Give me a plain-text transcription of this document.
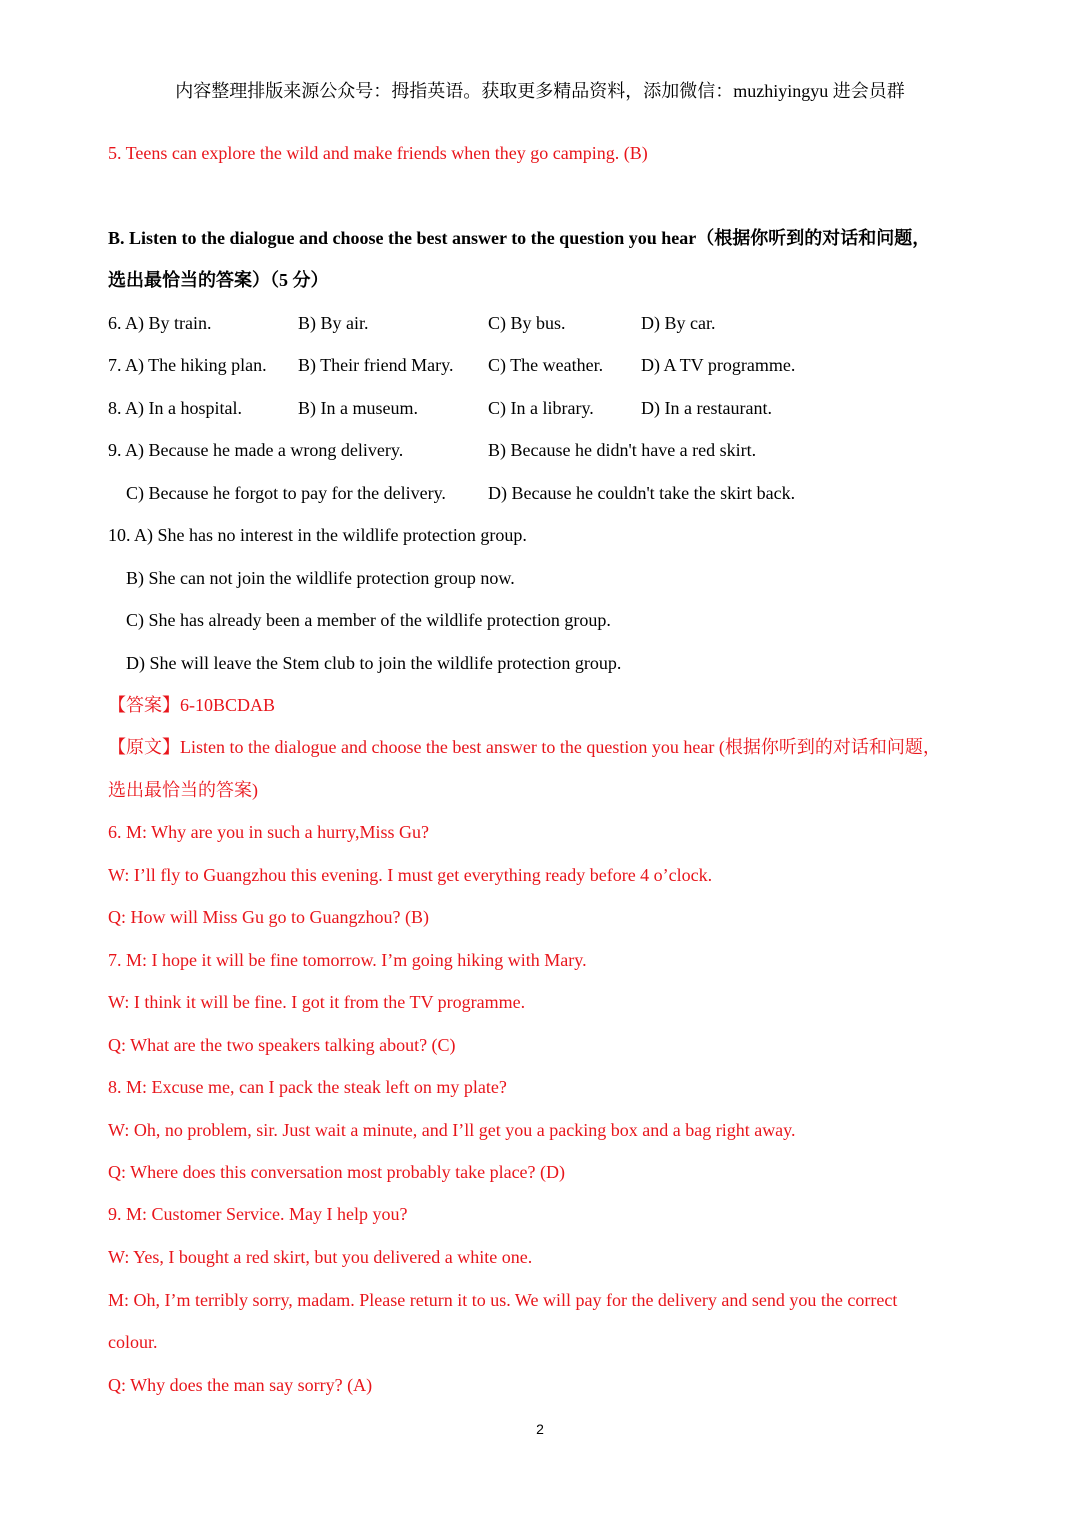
内容整理排版来源公众号：拇指英语。获取更多精品资料，添加微信：muzhiyingyu 进会员群
5. Teens can explore the wild and make friends when they go camping. (B)
B. Listen to the dialogue and choose the best answer to the question you hear（根据你听到的对话和问题，
选出最恰当的答案）（5 分）
6. A) By train.	B) By air.	C) By bus.	D) By car.
7. A) The hiking plan. B) Their friend Mary. C) The weather. D) A TV programme.
8. A) In a hospital.	B) In a museum.	C) In a library.	D) In a restaurant.
9. A) Because he made a wrong delivery.	B) Because he didn't have a red skirt.
C) Because he forgot to pay for the delivery. D) Because he couldn't take the skirt back.
10. A) She has no interest in the wildlife protection group.
B) She can not join the wildlife protection group now.
C) She has already been a member of the wildlife protection group.
D) She will leave the Stem club to join the wildlife protection group.
【答案】6-10BCDAB
【原文】Listen to the dialogue and choose the best answer to the question you hear (根据你听到的对话和问题，
选出最恰当的答案)
6. M: Why are you in such a hurry,Miss Gu?
W: I’ll fly to Guangzhou this evening. I must get everything ready before 4 o’clock.
Q: How will Miss Gu go to Guangzhou? (B)
7. M: I hope it will be fine tomorrow. I’m going hiking with Mary.
W: I think it will be fine. I got it from the TV programme.
Q: What are the two speakers talking about? (C)
8. M: Excuse me, can I pack the steak left on my plate?
W: Oh, no problem, sir. Just wait a minute, and I’ll get you a packing box and a bag right away.
Q: Where does this conversation most probably take place? (D)
9. M: Customer Service. May I help you?
W: Yes, I bought a red skirt, but you delivered a white one.
M: Oh, I’m terribly sorry, madam. Please return it to us. We will pay for the delivery and send you the correct
colour.
Q: Why does the man say sorry? (A)
2
